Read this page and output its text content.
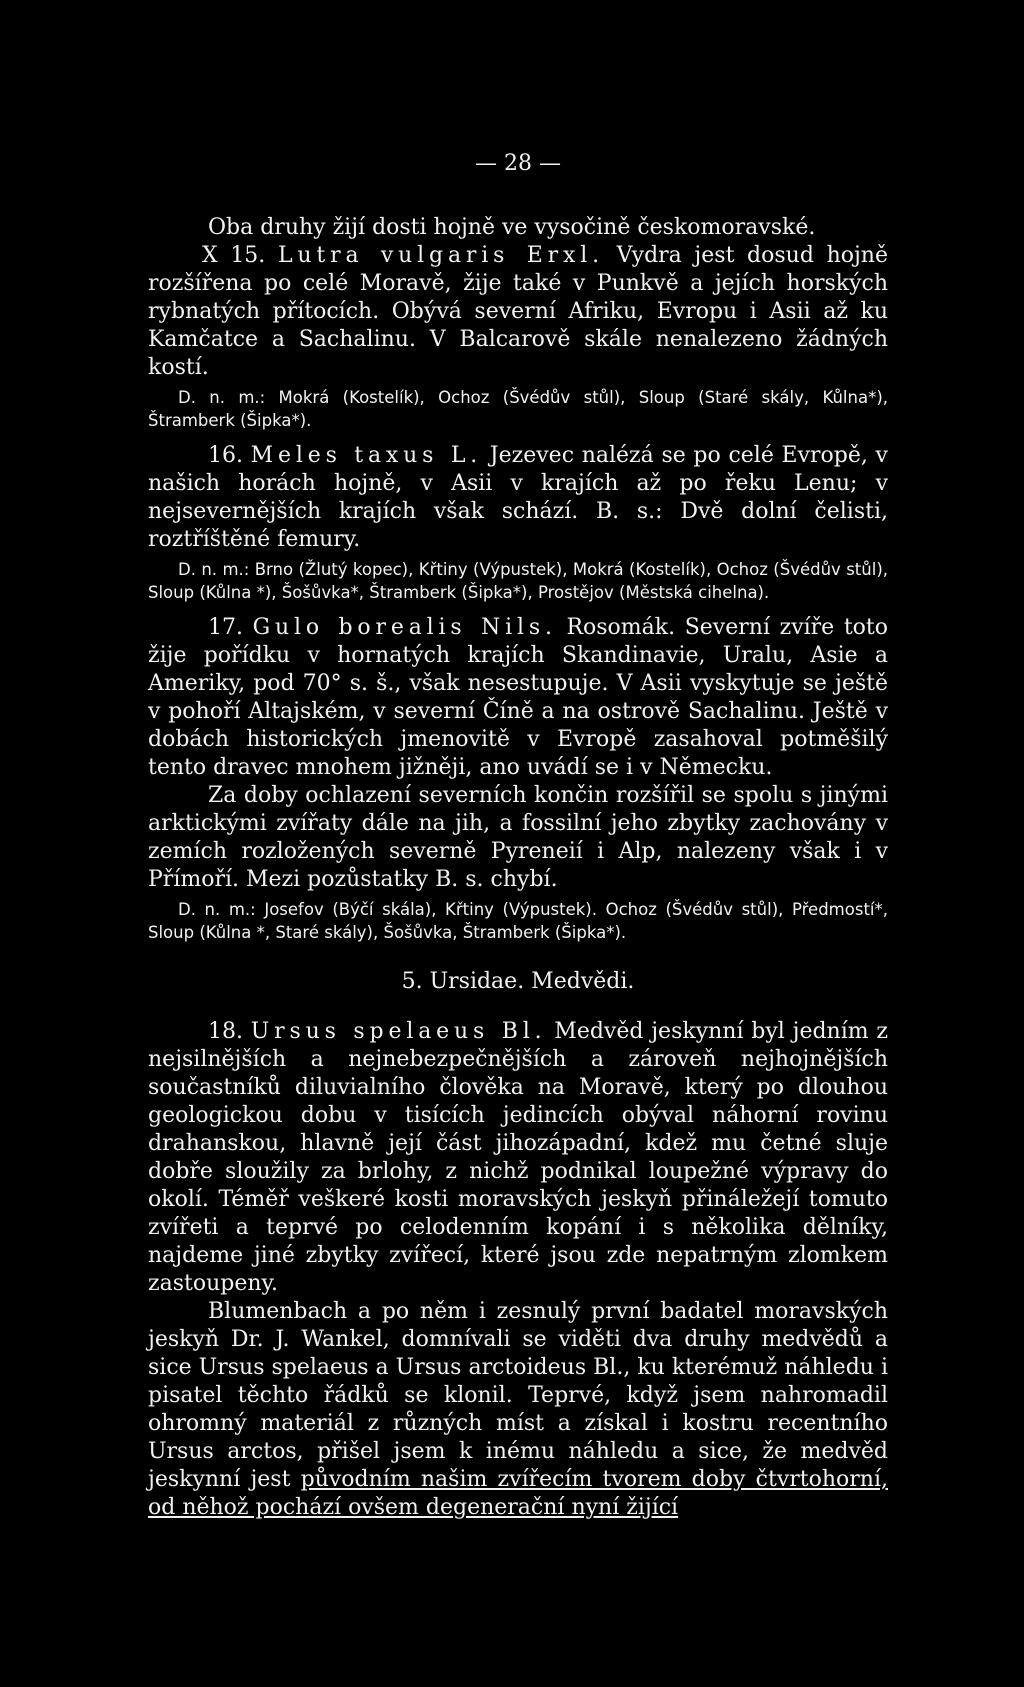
— 28 —

Oba druhy žijí dosti hojně ve vysočině českomoravské.

X 15. Lutra vulgaris Erxl. Vydra jest dosud hojně rozšířena po celé Moravě, žije také v Punkvě a jejích horských rybnatých přítocích. Obývá severní Afriku, Evropu i Asii až ku Kamčatce a Sachalinu. V Balcarově skále nenalezeno žádných kostí.

D. n. m.: Mokrá (Kostelík), Ochoz (Švédův stůl), Sloup (Staré skály, Kůlna*), Štramberk (Šipka*).

16. Meles taxus L. Jezevec nalézá se po celé Evropě, v našich horách hojně, v Asii v krajích až po řeku Lenu; v nejsevernějších krajích však schází. B. s.: Dvě dolní čelisti, roztříštěné femury.

D. n. m.: Brno (Žlutý kopec), Křtiny (Výpustek), Mokrá (Kostelík), Ochoz (Švédův stůl), Sloup (Kůlna *), Šošůvka*, Štramberk (Šipka*), Prostějov (Městská cihelna).

17. Gulo borealis Nils. Rosomák. Severní zvíře toto žije pořídku v hornatých krajích Skandinavie, Uralu, Asie a Ameriky, pod 70° s. š., však nesestupuje. V Asii vyskytuje se ještě v pohoří Altajském, v severní Číně a na ostrově Sachalinu. Ještě v dobách historických jmenovitě v Evropě zasahoval potměšilý tento dravec mnohem jižněji, ano uvádí se i v Německu.

Za doby ochlazení severních končin rozšířil se spolu s jinými arktickými zvířaty dále na jih, a fossilní jeho zbytky zachovány v zemích rozložených severně Pyreneií i Alp, nalezeny však i v Přímoří. Mezi pozůstatky B. s. chybí.

D. n. m.: Josefov (Býčí skála), Křtiny (Výpustek). Ochoz (Švédův stůl), Předmostí*, Sloup (Kůlna *, Staré skály), Šošůvka, Štramberk (Šipka*).

5. Ursidae. Medvědi.

18. Ursus spelaeus Bl. Medvěd jeskynní byl jedním z nejsilnějších a nejnebezpečnějších a zároveň nejhojnějších součastníků diluvialního člověka na Moravě, který po dlouhou geologickou dobu v tisících jedincích obýval náhorní rovinu drahanskou, hlavně její část jihozápadní, kdež mu četné sluje dobře sloužily za brlohy, z nichž podnikal loupežné výpravy do okolí. Téměř veškeré kosti moravských jeskyň přináležejí tomuto zvířeti a teprvé po celodenním kopání i s několika dělníky, najdeme jiné zbytky zvířecí, které jsou zde nepatrným zlomkem zastoupeny.

Blumenbach a po něm i zesnulý první badatel moravských jeskyň Dr. J. Wankel, domnívali se viděti dva druhy medvědů a sice Ursus spelaeus a Ursus arctoideus Bl., ku kterémuž náhledu i pisatel těchto řádků se klonil. Teprvé, když jsem nahromadil ohromný materiál z různých míst a získal i kostru recentního Ursus arctos, přišel jsem k inému náhledu a sice, že medvěd jeskynní jest původním našim zvířecím tvorem doby čtvrtohorní, od něhož pochází ovšem degenerační nyní žijící
